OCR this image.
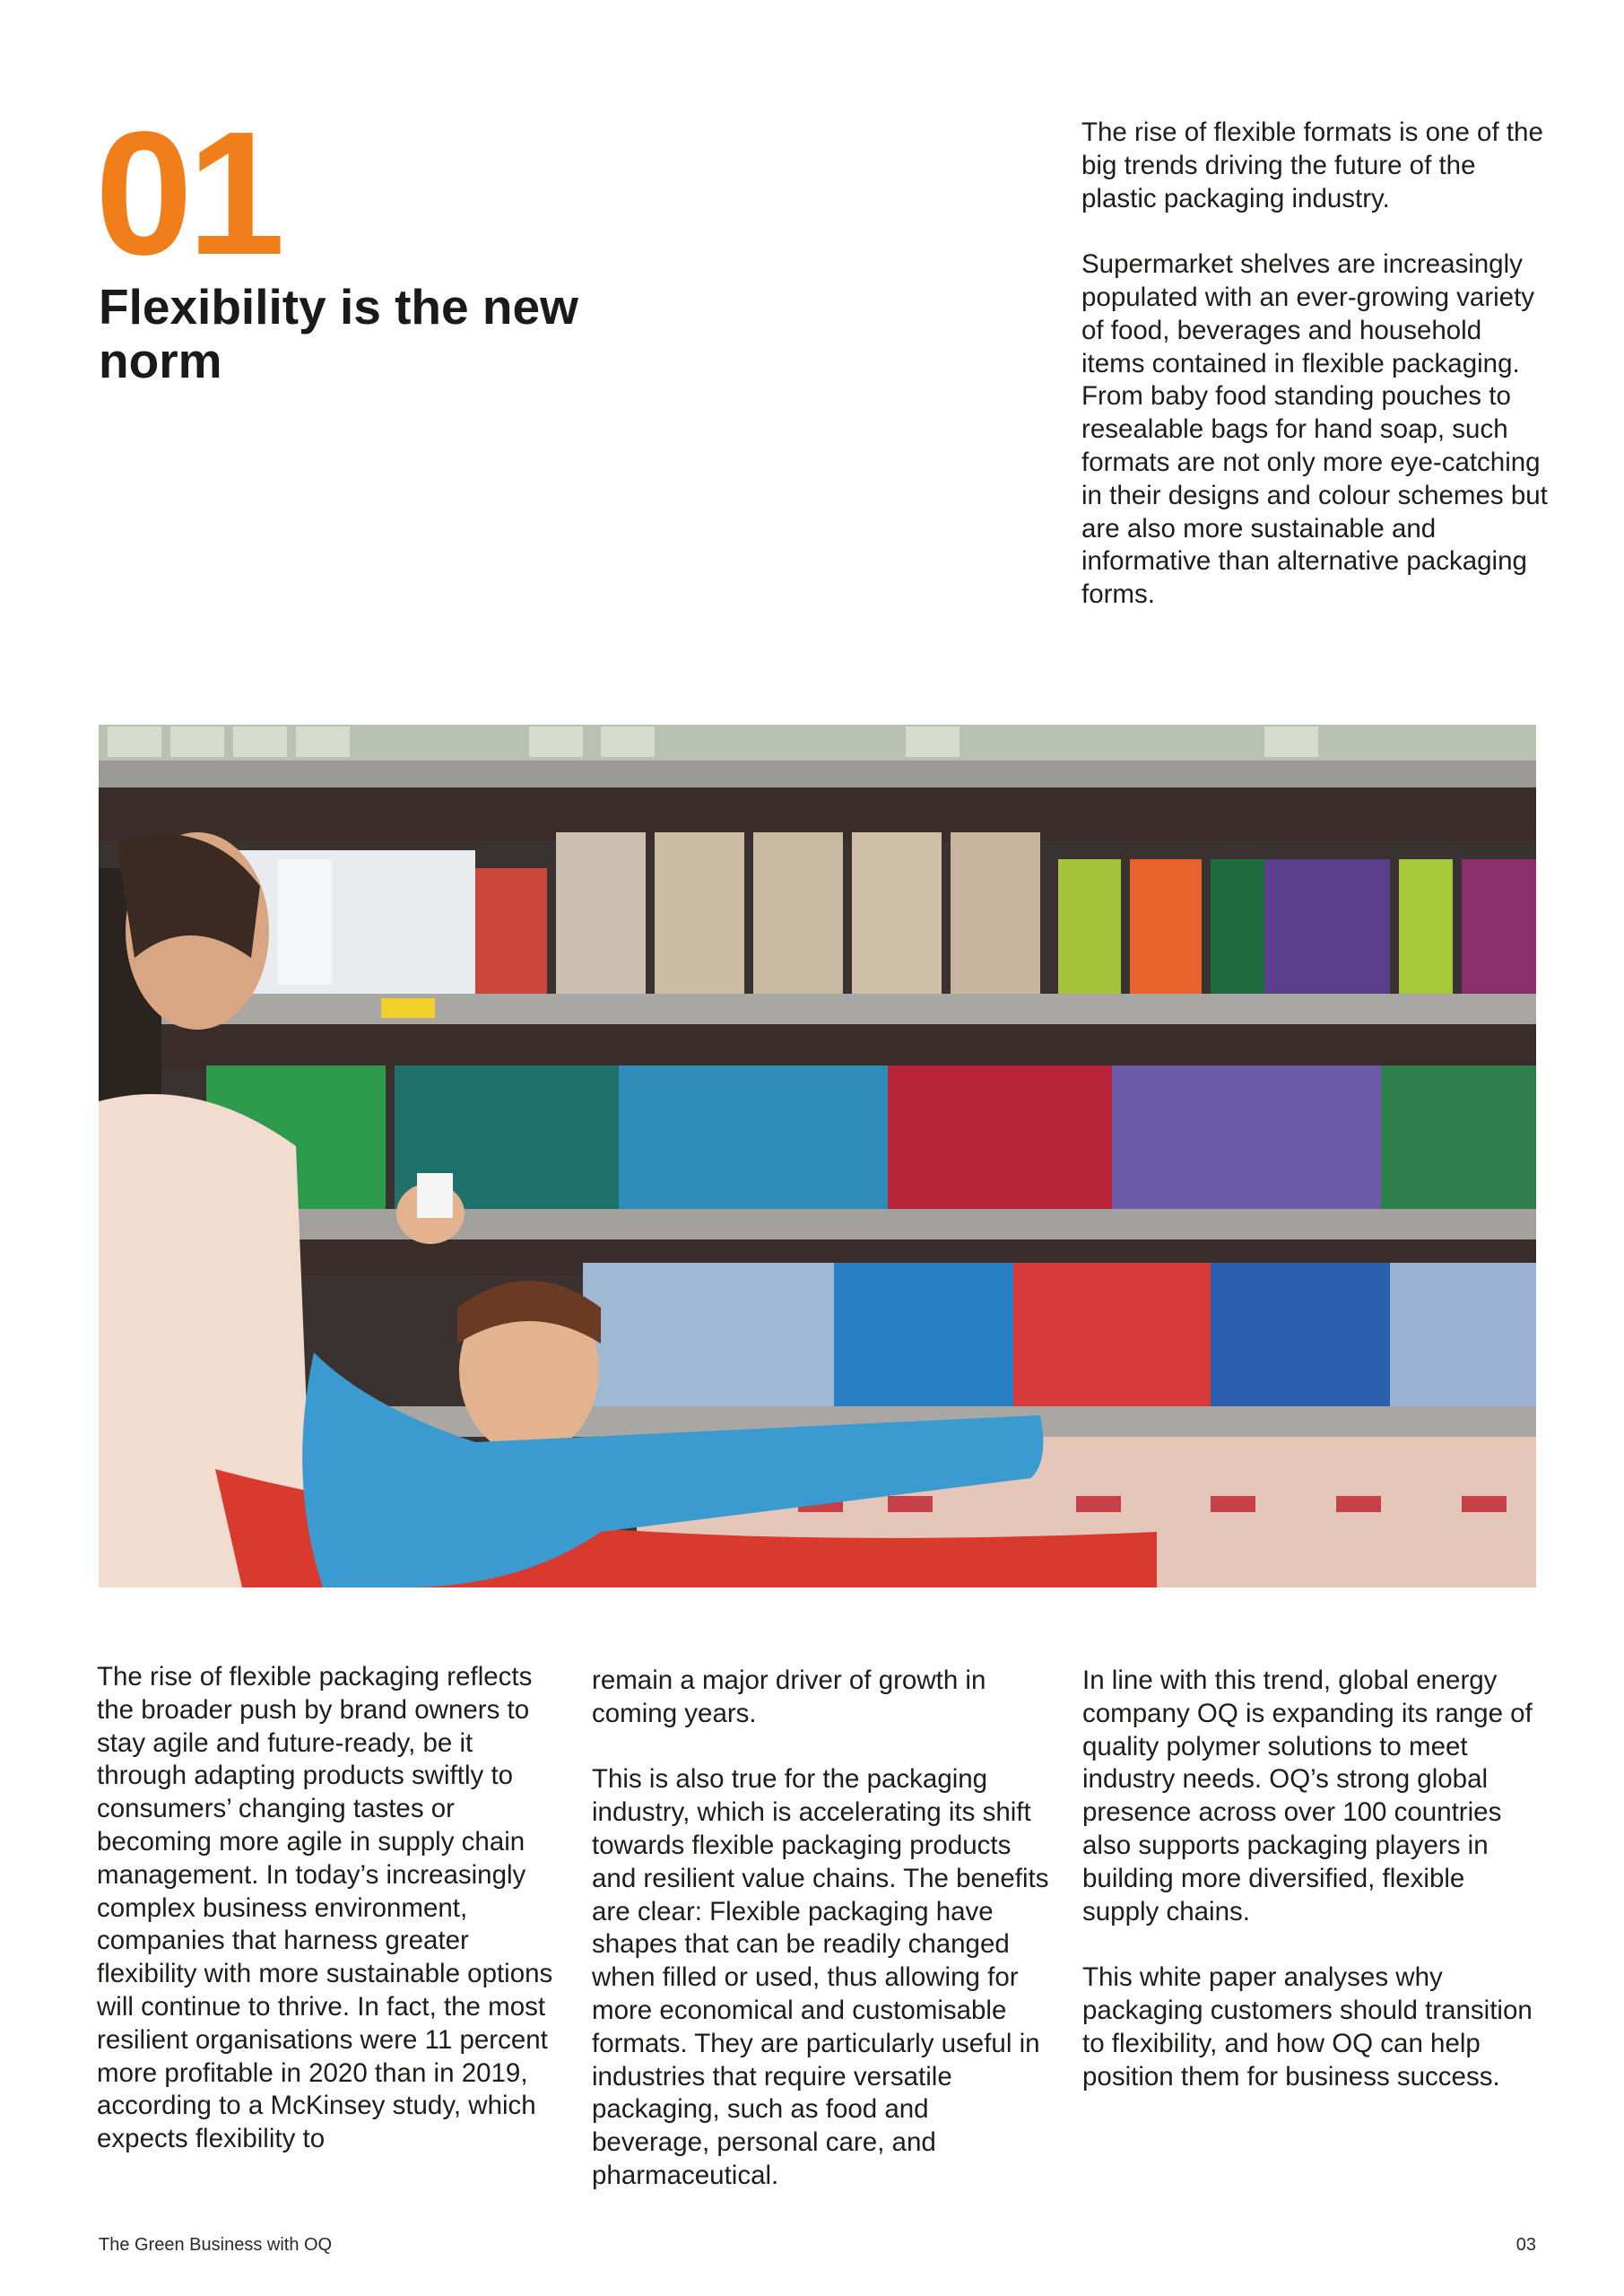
01
Flexibility is the new norm

The rise of flexible formats is one of the big trends driving the future of the plastic packaging industry.

Supermarket shelves are increasingly populated with an ever-growing variety of food, beverages and household items contained in flexible packaging. From baby food standing pouches to resealable bags for hand soap, such formats are not only more eye-catching in their designs and colour schemes but are also more sustainable and informative than alternative packaging forms.

The rise of flexible packaging reflects the broader push by brand owners to stay agile and future-ready, be it through adapting products swiftly to consumers’ changing tastes or becoming more agile in supply chain management. In today’s increasingly complex business environment, companies that harness greater flexibility with more sustainable options will continue to thrive. In fact, the most resilient organisations were 11 percent more profitable in 2020 than in 2019, according to a McKinsey study, which expects flexibility to

remain a major driver of growth in coming years.

This is also true for the packaging industry, which is accelerating its shift towards flexible packaging products and resilient value chains. The benefits are clear: Flexible packaging have shapes that can be readily changed when filled or used, thus allowing for more economical and customisable formats. They are particularly useful in industries that require versatile packaging, such as food and beverage, personal care, and pharmaceutical.

In line with this trend, global energy company OQ is expanding its range of quality polymer solutions to meet industry needs. OQ’s strong global presence across over 100 countries also supports packaging players in building more diversified, flexible supply chains.

This white paper analyses why packaging customers should transition to flexibility, and how OQ can help position them for business success.

The Green Business with OQ	03
